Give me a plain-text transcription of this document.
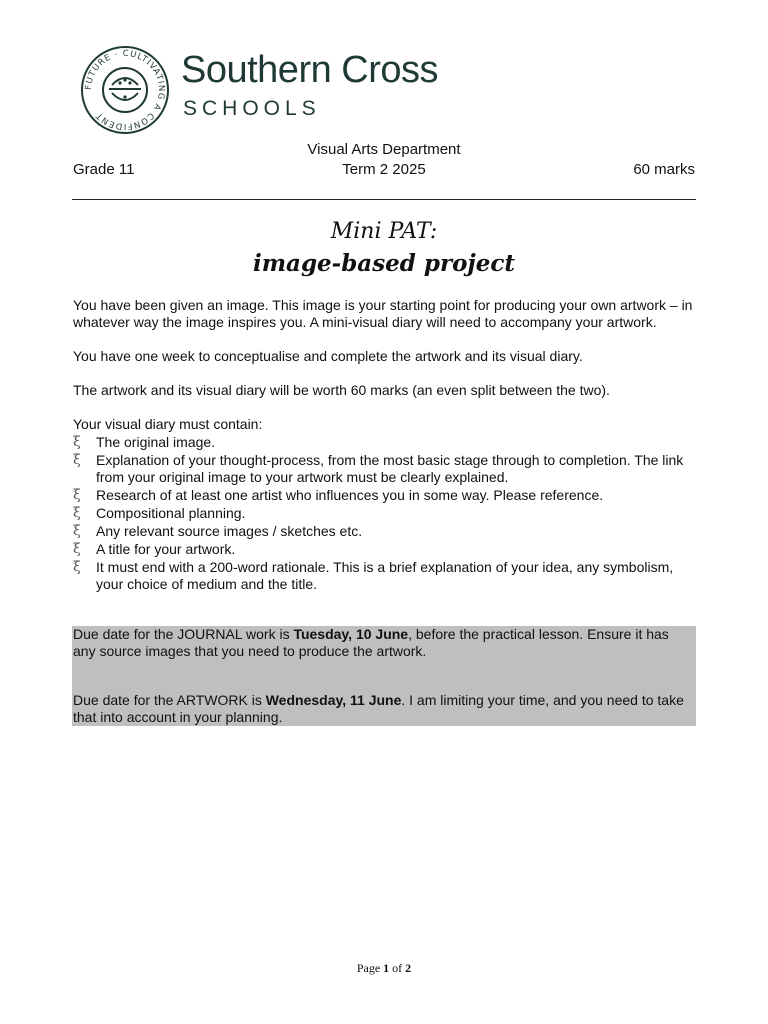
FUTURE · CULTIVATING A CONFIDENT
Southern Cross
SCHOOLS
Visual Arts Department
Grade 11	Term 2 2025	60 marks
Mini PAT:
image-based project
You have been given an image. This image is your starting point for producing your own artwork – in whatever way the image inspires you. A mini-visual diary will need to accompany your artwork.
You have one week to conceptualise and complete the artwork and its visual diary.
The artwork and its visual diary will be worth 60 marks (an even split between the two).
Your visual diary must contain:
ξ The original image.
ξ Explanation of your thought-process, from the most basic stage through to completion. The link from your original image to your artwork must be clearly explained.
ξ Research of at least one artist who influences you in some way. Please reference.
ξ Compositional planning.
ξ Any relevant source images / sketches etc.
ξ A title for your artwork.
ξ It must end with a 200-word rationale. This is a brief explanation of your idea, any symbolism, your choice of medium and the title.

Due date for the JOURNAL work is Tuesday, 10 June, before the practical lesson. Ensure it has any source images that you need to produce the artwork.

Due date for the ARTWORK is Wednesday, 11 June. I am limiting your time, and you need to take that into account in your planning.

Page 1 of 2
